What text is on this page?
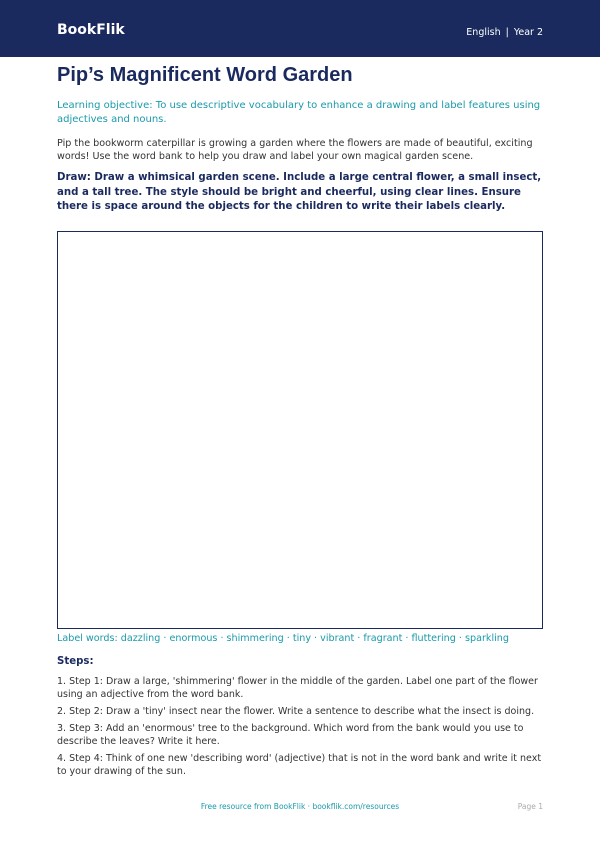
BookFlik	English | Year 2
Pip’s Magnificent Word Garden

Learning objective: To use descriptive vocabulary to enhance a drawing and label features using adjectives and nouns.

Pip the bookworm caterpillar is growing a garden where the flowers are made of beautiful, exciting words! Use the word bank to help you draw and label your own magical garden scene.

Draw: Draw a whimsical garden scene. Include a large central flower, a small insect, and a tall tree. The style should be bright and cheerful, using clear lines. Ensure there is space around the objects for the children to write their labels clearly.

Label words: dazzling · enormous · shimmering · tiny · vibrant · fragrant · fluttering · sparkling

Steps:
1. Step 1: Draw a large, 'shimmering' flower in the middle of the garden. Label one part of the flower using an adjective from the word bank.
2. Step 2: Draw a 'tiny' insect near the flower. Write a sentence to describe what the insect is doing.
3. Step 3: Add an 'enormous' tree to the background. Which word from the bank would you use to describe the leaves? Write it here.
4. Step 4: Think of one new 'describing word' (adjective) that is not in the word bank and write it next to your drawing of the sun.
Free resource from BookFlik · bookflik.com/resources	Page 1
